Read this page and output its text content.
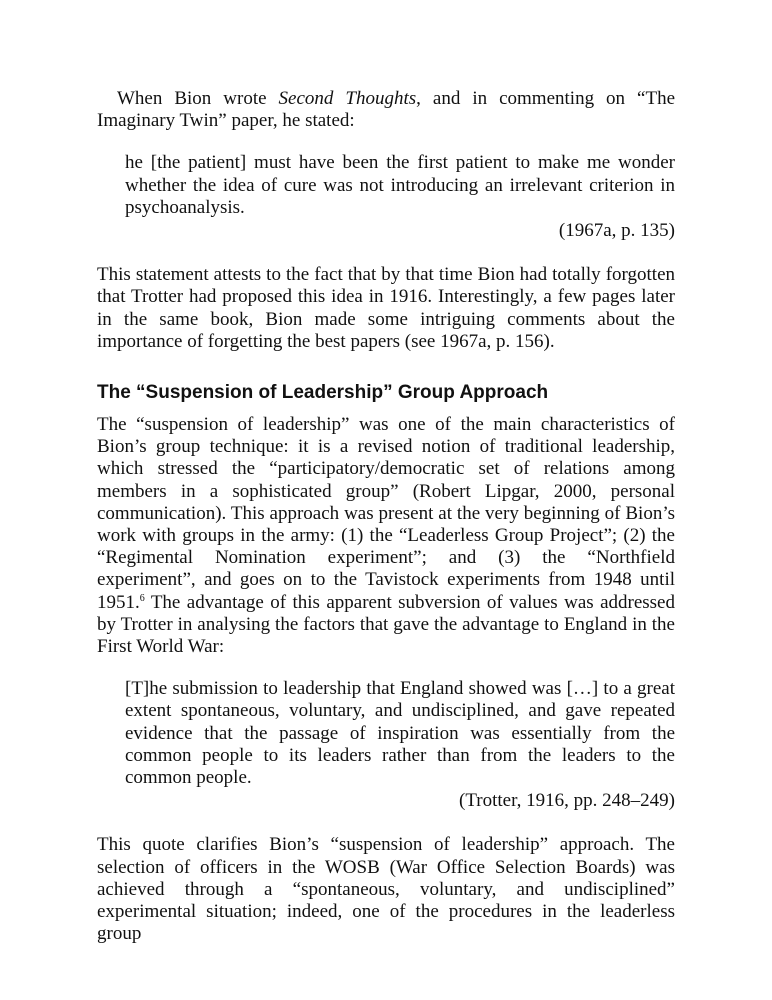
When Bion wrote Second Thoughts, and in commenting on “The Imaginary Twin” paper, he stated:

he [the patient] must have been the first patient to make me wonder whether the idea of cure was not introducing an irrelevant criterion in psychoanalysis.

(1967a, p. 135)

This statement attests to the fact that by that time Bion had totally forgotten that Trotter had proposed this idea in 1916. Interestingly, a few pages later in the same book, Bion made some intriguing comments about the importance of forgetting the best papers (see 1967a, p. 156).

The “Suspension of Leadership” Group Approach

The “suspension of leadership” was one of the main characteristics of Bion’s group technique: it is a revised notion of traditional leadership, which stressed the “participatory/democratic set of relations among members in a sophisticated group” (Robert Lipgar, 2000, personal communication). This approach was present at the very beginning of Bion’s work with groups in the army: (1) the “Leaderless Group Project”; (2) the “Regimental Nomination experiment”; and (3) the “Northfield experiment”, and goes on to the Tavistock experiments from 1948 until 1951.$^6$ The advantage of this apparent subversion of values was addressed by Trotter in analysing the factors that gave the advantage to England in the First World War:

[T]he submission to leadership that England showed was […] to a great extent spontaneous, voluntary, and undisciplined, and gave repeated evidence that the passage of inspiration was essentially from the common people to its leaders rather than from the leaders to the common people.

(Trotter, 1916, pp. 248–249)

This quote clarifies Bion’s “suspension of leadership” approach. The selection of officers in the WOSB (War Office Selection Boards) was achieved through a “spontaneous, voluntary, and undisciplined” experimental situation; indeed, one of the procedures in the leaderless group
